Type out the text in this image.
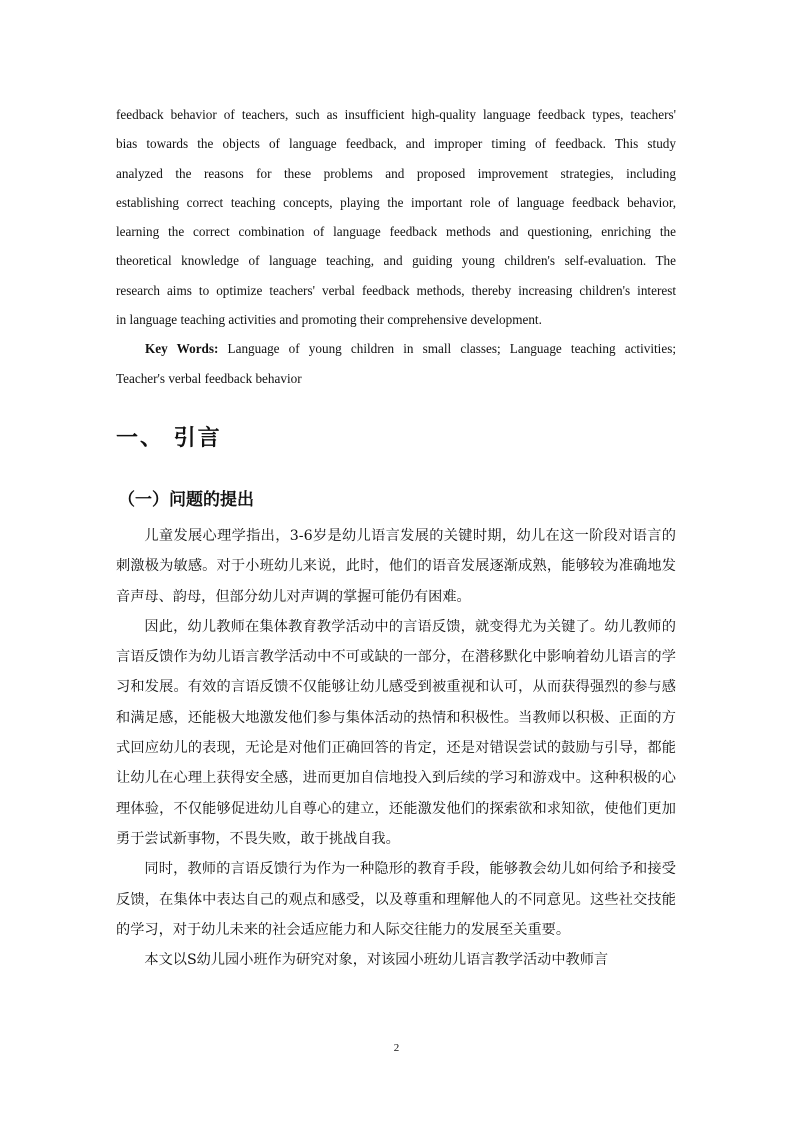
feedback behavior of teachers, such as insufficient high-quality language feedback types, teachers'

bias towards the objects of language feedback, and improper timing of feedback. This study

analyzed the reasons for these problems and proposed improvement strategies, including

establishing correct teaching concepts, playing the important role of language feedback behavior,

learning the correct combination of language feedback methods and questioning, enriching the

theoretical knowledge of language teaching, and guiding young children's self-evaluation. The

research aims to optimize teachers' verbal feedback methods, thereby increasing children's interest

in language teaching activities and promoting their comprehensive development.

Key Words: Language of young children in small classes; Language teaching activities;

Teacher's verbal feedback behavior

一、 引言
（一）问题的提出

儿童发展心理学指出，3-6岁是幼儿语言发展的关键时期，幼儿在这一阶段对语言的刺激极为敏感。对于小班幼儿来说，此时，他们的语音发展逐渐成熟，能够较为准确地发音声母、韵母，但部分幼儿对声调的掌握可能仍有困难。

因此，幼儿教师在集体教育教学活动中的言语反馈，就变得尤为关键了。幼儿教师的言语反馈作为幼儿语言教学活动中不可或缺的一部分，在潜移默化中影响着幼儿语言的学习和发展。有效的言语反馈不仅能够让幼儿感受到被重视和认可，从而获得强烈的参与感和满足感，还能极大地激发他们参与集体活动的热情和积极性。当教师以积极、正面的方式回应幼儿的表现，无论是对他们正确回答的肯定，还是对错误尝试的鼓励与引导，都能让幼儿在心理上获得安全感，进而更加自信地投入到后续的学习和游戏中。这种积极的心理体验，不仅能够促进幼儿自尊心的建立，还能激发他们的探索欲和求知欲，使他们更加勇于尝试新事物，不畏失败，敢于挑战自我。

同时，教师的言语反馈行为作为一种隐形的教育手段，能够教会幼儿如何给予和接受反馈，在集体中表达自己的观点和感受，以及尊重和理解他人的不同意见。这些社交技能的学习，对于幼儿未来的社会适应能力和人际交往能力的发展至关重要。

本文以S幼儿园小班作为研究对象，对该园小班幼儿语言教学活动中教师言

2
